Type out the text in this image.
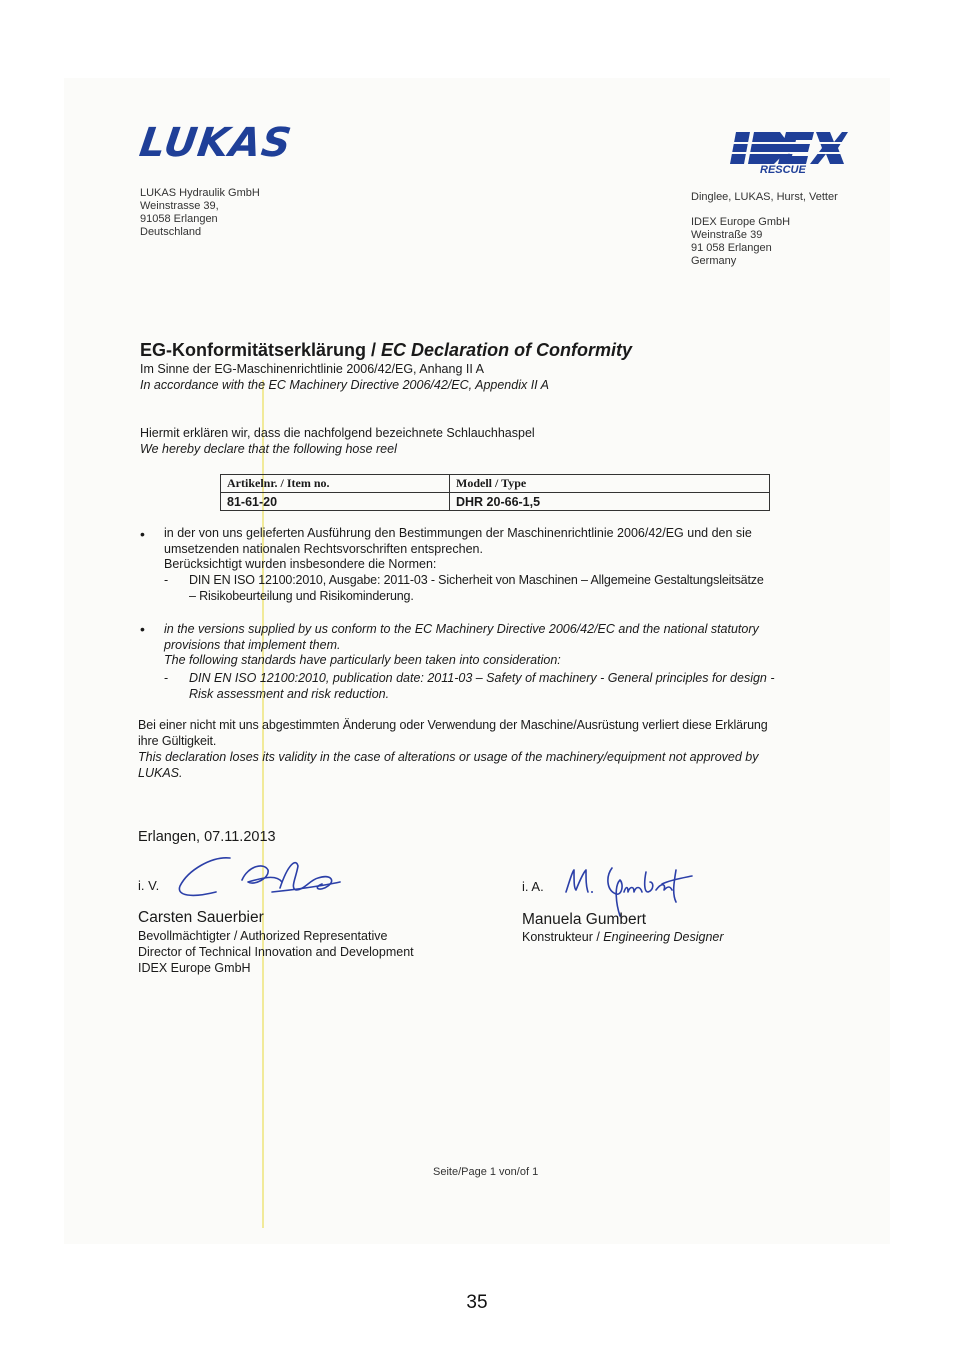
LUKAS
LUKAS Hydraulik GmbH
Weinstrasse 39,
91058 Erlangen
Deutschland
IDEX
RESCUE
Dinglee, LUKAS, Hurst, Vetter
IDEX Europe GmbH
Weinstraße 39
91 058 Erlangen
Germany
EG-Konformitätserklärung / EC Declaration of Conformity
Im Sinne der EG-Maschinenrichtlinie 2006/42/EG, Anhang II A
In accordance with the EC Machinery Directive 2006/42/EC, Appendix II A
Hiermit erklären wir, dass die nachfolgend bezeichnete Schlauchhaspel
We hereby declare that the following hose reel
Artikelnr. / Item no.	Modell / Type
81-61-20	DHR 20-66-1,5
• in der von uns gelieferten Ausführung den Bestimmungen der Maschinenrichtlinie 2006/42/EG und den sie
umsetzenden nationalen Rechtsvorschriften entsprechen.
Berücksichtigt wurden insbesondere die Normen:
- DIN EN ISO 12100:2010, Ausgabe: 2011-03 - Sicherheit von Maschinen – Allgemeine Gestaltungsleitsätze
– Risikobeurteilung und Risikominderung.
• in the versions supplied by us conform to the EC Machinery Directive 2006/42/EC and the national statutory
provisions that implement them.
The following standards have particularly been taken into consideration:
- DIN EN ISO 12100:2010, publication date: 2011-03 – Safety of machinery - General principles for design -
Risk assessment and risk reduction.
Bei einer nicht mit uns abgestimmten Änderung oder Verwendung der Maschine/Ausrüstung verliert diese Erklärung
ihre Gültigkeit.
This declaration loses its validity in the case of alterations or usage of the machinery/equipment not approved by
LUKAS.
Erlangen, 07.11.2013
i. V.
Carsten Sauerbier
Bevollmächtigter / Authorized Representative
Director of Technical Innovation and Development
IDEX Europe GmbH
i. A.
Manuela Gumbert
Konstrukteur / Engineering Designer
Seite/Page 1 von/of 1
35
